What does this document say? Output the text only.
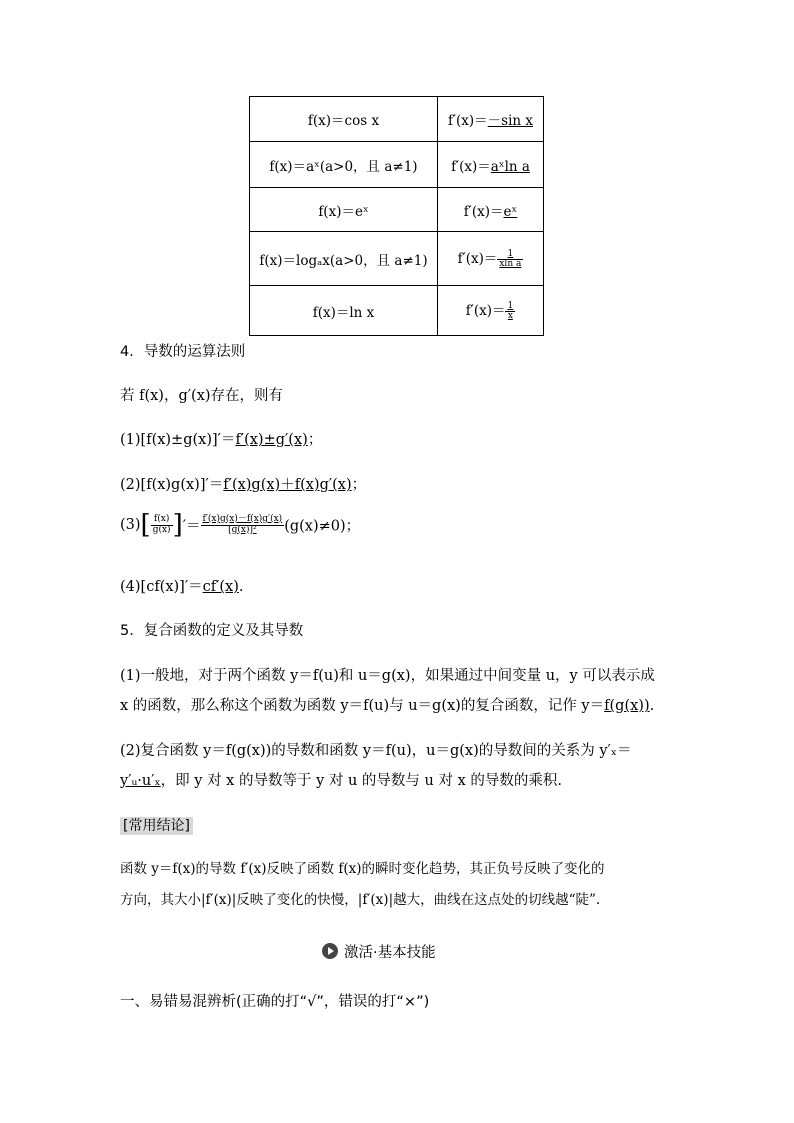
f(x)＝cos x	f′(x)＝－sin x
f(x)＝aˣ(a>0，且 a≠1)	f′(x)＝aˣln a
f(x)＝eˣ	f′(x)＝eˣ
f(x)＝logₐx(a>0，且 a≠1)	$f'(x)= \frac{1}{\text{xln a}}$

f(x)＝ln x	$f'(x)= \frac{1}{x}$
4．导数的运算法则
若 f(x)，g′(x)存在，则有
(1)[f(x)±g(x)]′＝f′(x)±g′(x)；
(2)[f(x)g(x)]′＝f′(x)g(x)＋f(x)g′(x)；
$(3)[ \frac{f(x)}{g(x)}$ ]′＝ $\frac{f'(x)g(x)-f(x)g'(x)}{\text{[g(x)]²}} (g(x)\ne 0)$；
(4)[cf(x)]′＝cf′(x).
5．复合函数的定义及其导数
(1)一般地，对于两个函数 y＝f(u)和 u＝g(x)，如果通过中间变量 u，y 可以表示成
x 的函数，那么称这个函数为函数 y＝f(u)与 u＝g(x)的复合函数，记作 y＝f(g(x)).
(2)复合函数 y＝f(g(x))的导数和函数 y＝f(u)，u＝g(x)的导数间的关系为 y′ₓ＝
y′ᵤ·u′ₓ，即 y 对 x 的导数等于 y 对 u 的导数与 u 对 x 的导数的乘积.
[常用结论]
函数 y＝f(x)的导数 f′(x)反映了函数 f(x)的瞬时变化趋势，其正负号反映了变化的
方向，其大小|f′(x)|反映了变化的快慢，|f′(x)|越大，曲线在这点处的切线越“陡”.
激活·基本技能
一、易错易混辨析(正确的打“√”，错误的打“×”)
